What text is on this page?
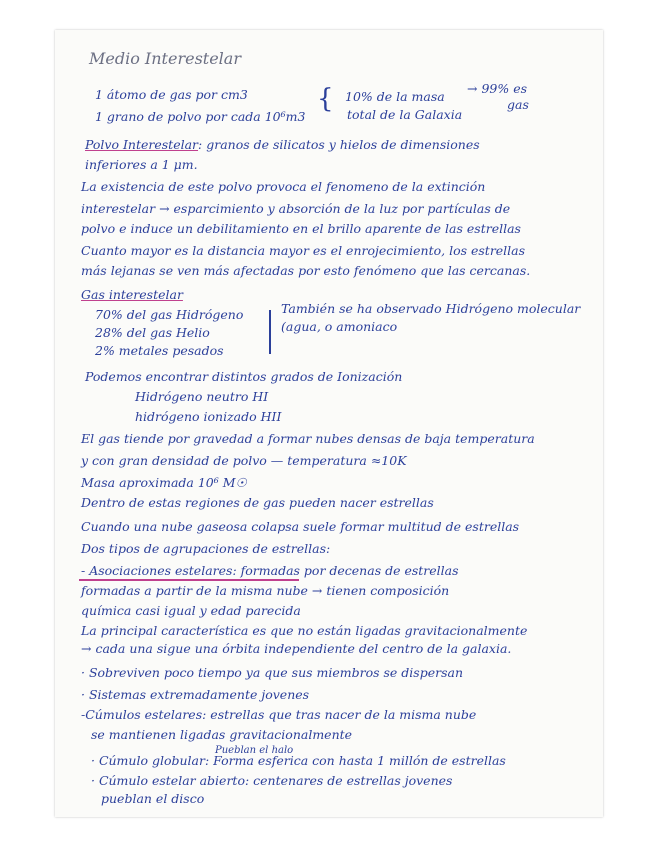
Medio Interestelar
1 átomo de gas por cm3
1 grano de polvo por cada 10⁶m3
{ 10% de la masa
total de la Galaxia
→ 99% es
gas
Polvo Interestelar: granos de silicatos y hielos de dimensiones
inferiores a 1 μm.
La existencia de este polvo provoca el fenomeno de la extinción
interestelar → esparcimiento y absorción de la luz por partículas de
polvo e induce un debilitamiento en el brillo aparente de las estrellas
Cuanto mayor es la distancia mayor es el enrojecimiento, los estrellas
más lejanas se ven más afectadas por esto fenómeno que las cercanas.
Gas interestelar
70% del gas Hidrógeno
28% del gas Helio
2% metales pesados
También se ha observado Hidrógeno molecular
(agua, o amoniaco
Podemos encontrar distintos grados de Ionización
Hidrógeno neutro HI
hidrógeno ionizado HII
El gas tiende por gravedad a formar nubes densas de baja temperatura
y con gran densidad de polvo — temperatura ≈10K
Masa aproximada 10⁶ M☉
Dentro de estas regiones de gas pueden nacer estrellas
Cuando una nube gaseosa colapsa suele formar multitud de estrellas
Dos tipos de agrupaciones de estrellas:
- Asociaciones estelares: formadas por decenas de estrellas
formadas a partir de la misma nube → tienen composición
química casi igual y edad parecida
La principal característica es que no están ligadas gravitacionalmente
→ cada una sigue una órbita independiente del centro de la galaxia.
· Sobreviven poco tiempo ya que sus miembros se dispersan
· Sistemas extremadamente jovenes
-Cúmulos estelares: estrellas que tras nacer de la misma nube
se mantienen ligadas gravitacionalmente
Pueblan el halo
· Cúmulo globular: Forma esferica con hasta 1 millón de estrellas
· Cúmulo estelar abierto: centenares de estrellas jovenes
pueblan el disco
